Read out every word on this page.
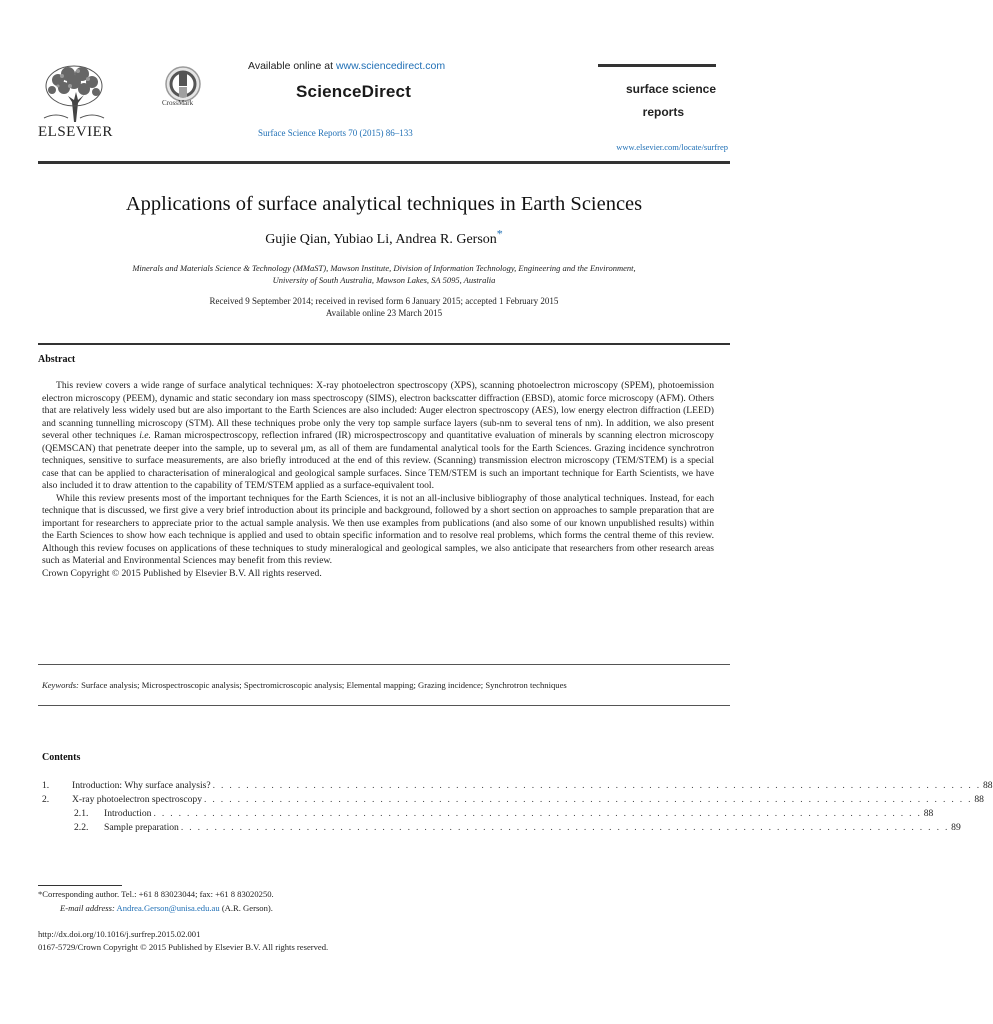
ELSEVIER
CrossMark
Available online at www.sciencedirect.com
ScienceDirect
Surface Science Reports 70 (2015) 86–133
surface science
reports
www.elsevier.com/locate/surfrep
Applications of surface analytical techniques in Earth Sciences
Gujie Qian, Yubiao Li, Andrea R. Gerson*
Minerals and Materials Science & Technology (MMaST), Mawson Institute, Division of Information Technology, Engineering and the Environment,
University of South Australia, Mawson Lakes, SA 5095, Australia
Received 9 September 2014; received in revised form 6 January 2015; accepted 1 February 2015
Available online 23 March 2015
Abstract

This review covers a wide range of surface analytical techniques: X-ray photoelectron spectroscopy (XPS), scanning photoelectron microscopy (SPEM), photoemission electron microscopy (PEEM), dynamic and static secondary ion mass spectroscopy (SIMS), electron backscatter diffraction (EBSD), atomic force microscopy (AFM). Others that are relatively less widely used but are also important to the Earth Sciences are also included: Auger electron spectroscopy (AES), low energy electron diffraction (LEED) and scanning tunnelling microscopy (STM). All these techniques probe only the very top sample surface layers (sub-nm to several tens of nm). In addition, we also present several other techniques i.e. Raman microspectroscopy, reflection infrared (IR) microspectroscopy and quantitative evaluation of minerals by scanning electron microscopy (QEMSCAN) that penetrate deeper into the sample, up to several μm, as all of them are fundamental analytical tools for the Earth Sciences. Grazing incidence synchrotron techniques, sensitive to surface measurements, are also briefly introduced at the end of this review. (Scanning) transmission electron microscopy (TEM/STEM) is a special case that can be applied to characterisation of mineralogical and geological sample surfaces. Since TEM/STEM is such an important technique for Earth Scientists, we have also included it to draw attention to the capability of TEM/STEM applied as a surface-equivalent tool.

While this review presents most of the important techniques for the Earth Sciences, it is not an all-inclusive bibliography of those analytical techniques. Instead, for each technique that is discussed, we first give a very brief introduction about its principle and background, followed by a short section on approaches to sample preparation that are important for researchers to appreciate prior to the actual sample analysis. We then use examples from publications (and also some of our known unpublished results) within the Earth Sciences to show how each technique is applied and used to obtain specific information and to resolve real problems, which forms the central theme of this review. Although this review focuses on applications of these techniques to study mineralogical and geological samples, we also anticipate that researchers from other research areas such as Material and Environmental Sciences may benefit from this review.

Crown Copyright © 2015 Published by Elsevier B.V. All rights reserved.

Keywords: Surface analysis; Microspectroscopic analysis; Spectromicroscopic analysis; Elemental mapping; Grazing incidence; Synchrotron techniques
Contents
1.	Introduction: Why surface analysis? . . . . . . . . . . . . . . . . . . . . . . . . . . . . . . . . . . . . . . . . . . . . . . . . . . . . . . . . . . . . . . . . . . . . . . . . . . . . . . . . . . . . . . . . . . . . 88
2.	X-ray photoelectron spectroscopy . . . . . . . . . . . . . . . . . . . . . . . . . . . . . . . . . . . . . . . . . . . . . . . . . . . . . . . . . . . . . . . . . . . . . . . . . . . . . . . . . . . . . . . . . . . . 88
2.1.	Introduction . . . . . . . . . . . . . . . . . . . . . . . . . . . . . . . . . . . . . . . . . . . . . . . . . . . . . . . . . . . . . . . . . . . . . . . . . . . . . . . . . . . . . . . . . . . . 88
2.2.	Sample preparation . . . . . . . . . . . . . . . . . . . . . . . . . . . . . . . . . . . . . . . . . . . . . . . . . . . . . . . . . . . . . . . . . . . . . . . . . . . . . . . . . . . . . . . . . . . . 89
*Corresponding author. Tel.: +61 8 83023044; fax: +61 8 83020250.
E-mail address: Andrea.Gerson@unisa.edu.au (A.R. Gerson).
http://dx.doi.org/10.1016/j.surfrep.2015.02.001
0167-5729/Crown Copyright © 2015 Published by Elsevier B.V. All rights reserved.
